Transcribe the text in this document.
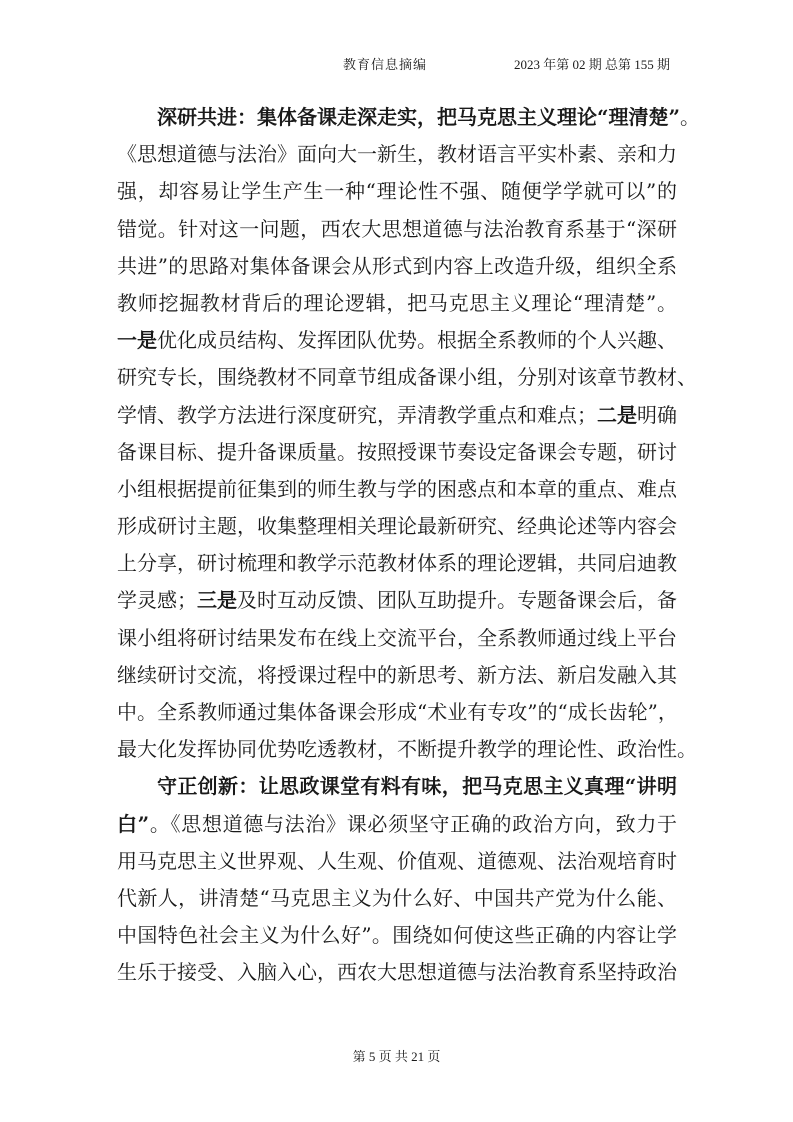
教育信息摘编	2023 年第 02 期 总第 155 期
深研共进：集体备课走深走实，把马克思主义理论“理清楚”。
《思想道德与法治》面向大一新生，教材语言平实朴素、亲和力
强，却容易让学生产生一种“理论性不强、随便学学就可以”的
错觉。针对这一问题，西农大思想道德与法治教育系基于“深研
共进”的思路对集体备课会从形式到内容上改造升级，组织全系
教师挖掘教材背后的理论逻辑，把马克思主义理论“理清楚”。
一是优化成员结构、发挥团队优势。根据全系教师的个人兴趣、
研究专长，围绕教材不同章节组成备课小组，分别对该章节教材、
学情、教学方法进行深度研究，弄清教学重点和难点；二是明确
备课目标、提升备课质量。按照授课节奏设定备课会专题，研讨
小组根据提前征集到的师生教与学的困惑点和本章的重点、难点
形成研讨主题，收集整理相关理论最新研究、经典论述等内容会
上分享，研讨梳理和教学示范教材体系的理论逻辑，共同启迪教
学灵感；三是及时互动反馈、团队互助提升。专题备课会后，备
课小组将研讨结果发布在线上交流平台，全系教师通过线上平台
继续研讨交流，将授课过程中的新思考、新方法、新启发融入其
中。全系教师通过集体备课会形成“术业有专攻”的“成长齿轮”，
最大化发挥协同优势吃透教材，不断提升教学的理论性、政治性。
守正创新：让思政课堂有料有味，把马克思主义真理“讲明
白”。《思想道德与法治》课必须坚守正确的政治方向，致力于
用马克思主义世界观、人生观、价值观、道德观、法治观培育时
代新人，讲清楚“马克思主义为什么好、中国共产党为什么能、
中国特色社会主义为什么好”。围绕如何使这些正确的内容让学
生乐于接受、入脑入心，西农大思想道德与法治教育系坚持政治
第 5 页 共 21 页
